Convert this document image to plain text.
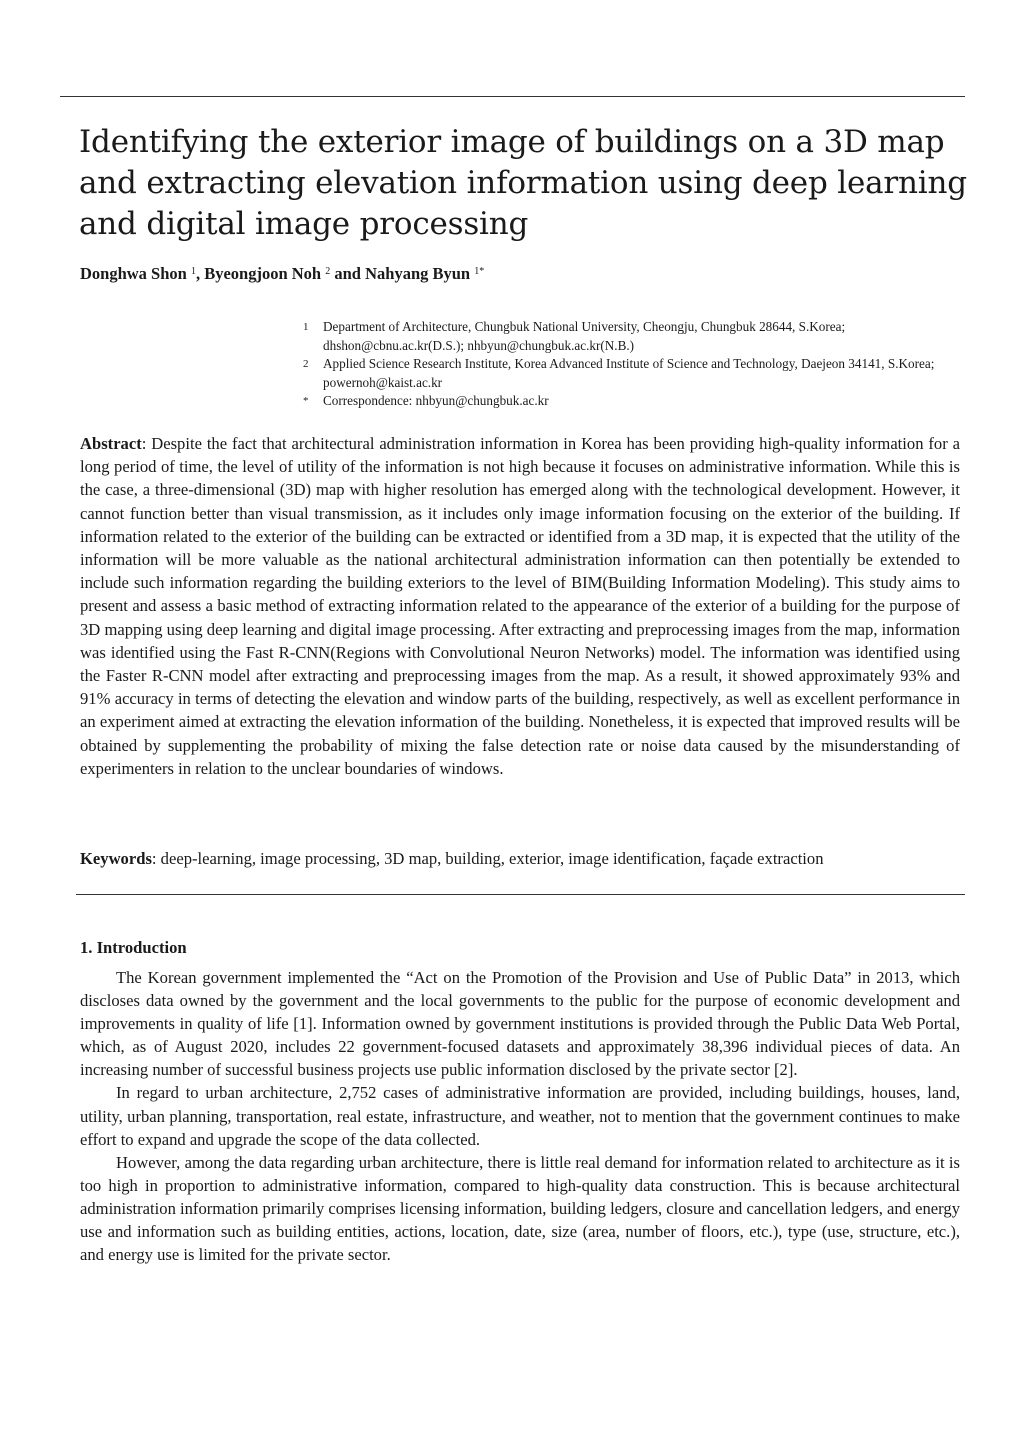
Identifying the exterior image of buildings on a 3D map and extracting elevation information using deep learning and digital image processing
Donghwa Shon $^1$, Byeongjoon Noh $^2$ and Nahyang Byun $^{1*}$
1	Department of Architecture, Chungbuk National University, Cheongju, Chungbuk 28644, S.Korea; dhshon@cbnu.ac.kr(D.S.); nhbyun@chungbuk.ac.kr(N.B.)
2	Applied Science Research Institute, Korea Advanced Institute of Science and Technology, Daejeon 34141, S.Korea; powernoh@kaist.ac.kr
*	Correspondence: nhbyun@chungbuk.ac.kr

Abstract: Despite the fact that architectural administration information in Korea has been providing high-quality information for a long period of time, the level of utility of the information is not high because it focuses on administrative information. While this is the case, a three-dimensional (3D) map with higher resolution has emerged along with the technological development. However, it cannot function better than visual transmission, as it includes only image information focusing on the exterior of the building. If information related to the exterior of the building can be extracted or identified from a 3D map, it is expected that the utility of the information will be more valuable as the national architectural administration information can then potentially be extended to include such information regarding the building exteriors to the level of BIM(Building Information Modeling). This study aims to present and assess a basic method of extracting information related to the appearance of the exterior of a building for the purpose of 3D mapping using deep learning and digital image processing. After extracting and preprocessing images from the map, information was identified using the Fast R-CNN(Regions with Convolutional Neuron Networks) model. The information was identified using the Faster R-CNN model after extracting and preprocessing images from the map. As a result, it showed approximately 93% and 91% accuracy in terms of detecting the elevation and window parts of the building, respectively, as well as excellent performance in an experiment aimed at extracting the elevation information of the building. Nonetheless, it is expected that improved results will be obtained by supplementing the probability of mixing the false detection rate or noise data caused by the misunderstanding of experimenters in relation to the unclear boundaries of windows.

Keywords: deep-learning, image processing, 3D map, building, exterior, image identification, façade extraction

1. Introduction

The Korean government implemented the “Act on the Promotion of the Provision and Use of Public Data” in 2013, which discloses data owned by the government and the local governments to the public for the purpose of economic development and improvements in quality of life [1]. Information owned by government institutions is provided through the Public Data Web Portal, which, as of August 2020, includes 22 government-focused datasets and approximately 38,396 individual pieces of data. An increasing number of successful business projects use public information disclosed by the private sector [2].

In regard to urban architecture, 2,752 cases of administrative information are provided, including buildings, houses, land, utility, urban planning, transportation, real estate, infrastructure, and weather, not to mention that the government continues to make effort to expand and upgrade the scope of the data collected.

However, among the data regarding urban architecture, there is little real demand for information related to architecture as it is too high in proportion to administrative information, compared to high-quality data construction. This is because architectural administration information primarily comprises licensing information, building ledgers, closure and cancellation ledgers, and energy use and information such as building entities, actions, location, date, size (area, number of floors, etc.), type (use, structure, etc.), and energy use is limited for the private sector.
